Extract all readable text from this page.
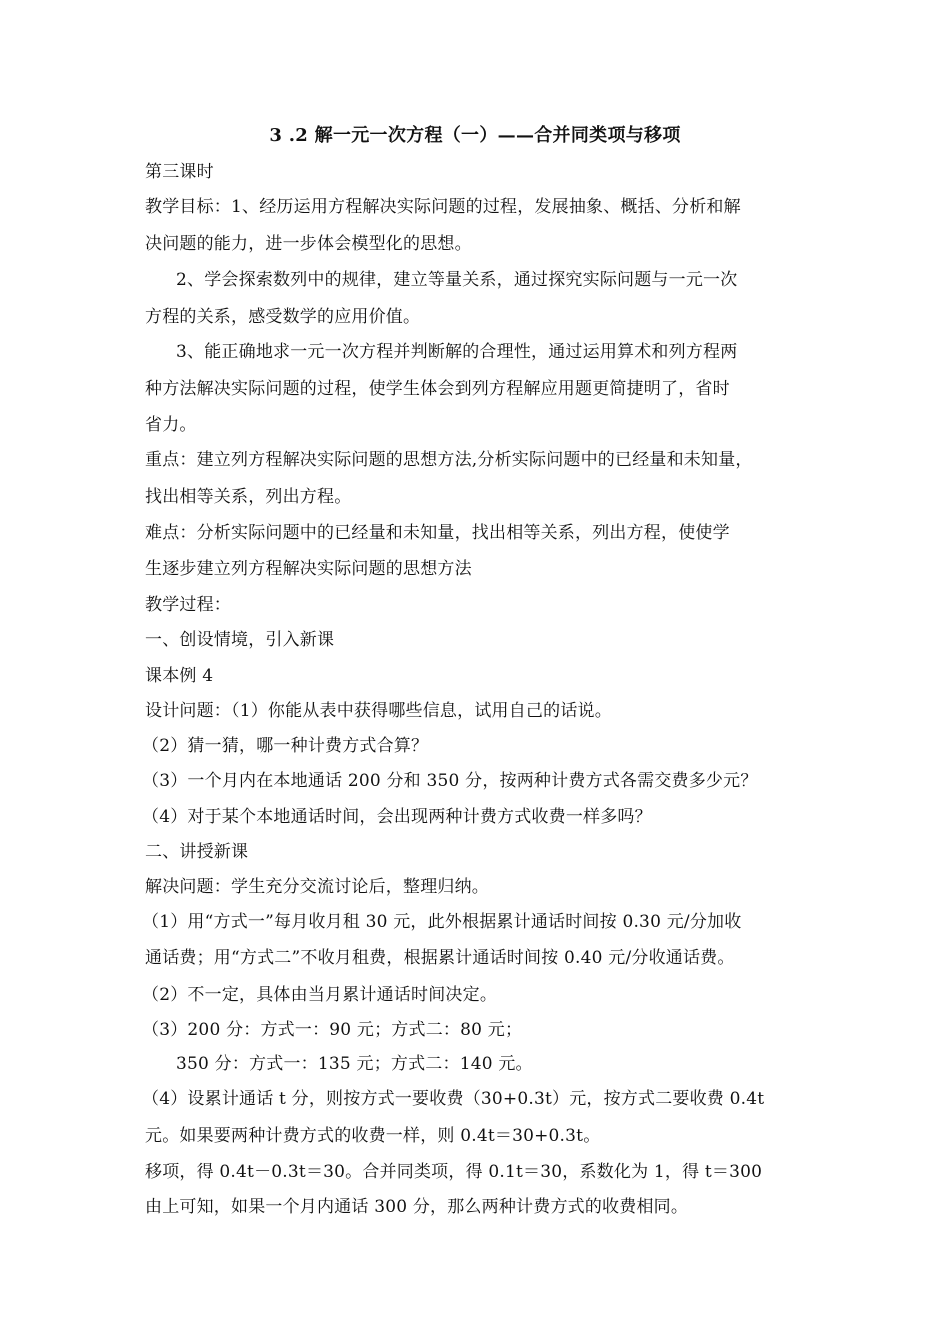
3 .2 解一元一次方程（一）——合并同类项与移项
第三课时
教学目标：1、经历运用方程解决实际问题的过程，发展抽象、概括、分析和解
决问题的能力，进一步体会模型化的思想。
2、学会探索数列中的规律，建立等量关系，通过探究实际问题与一元一次
方程的关系，感受数学的应用价值。
3、能正确地求一元一次方程并判断解的合理性，通过运用算术和列方程两
种方法解决实际问题的过程，使学生体会到列方程解应用题更简捷明了，省时
省力。
重点：建立列方程解决实际问题的思想方法,分析实际问题中的已经量和未知量，
找出相等关系，列出方程。
难点：分析实际问题中的已经量和未知量，找出相等关系，列出方程，使使学
生逐步建立列方程解决实际问题的思想方法
教学过程：
一、创设情境，引入新课
课本例 4
设计问题：（1）你能从表中获得哪些信息，试用自己的话说。
（2）猜一猜，哪一种计费方式合算？
（3）一个月内在本地通话 200 分和 350 分，按两种计费方式各需交费多少元？
（4）对于某个本地通话时间，会出现两种计费方式收费一样多吗？
二、讲授新课
解决问题：学生充分交流讨论后，整理归纳。
（1）用“方式一”每月收月租 30 元，此外根据累计通话时间按 0.30 元/分加收
通话费；用“方式二”不收月租费，根据累计通话时间按 0.40 元/分收通话费。
（2）不一定，具体由当月累计通话时间决定。
（3）200 分：方式一：90 元；方式二：80 元；
350 分：方式一：135 元；方式二：140 元。
（4）设累计通话 t 分，则按方式一要收费（30+0.3t）元，按方式二要收费 0.4t
元。如果要两种计费方式的收费一样，则 0.4t＝30+0.3t。
移项，得 0.4t－0.3t＝30。合并同类项，得 0.1t＝30，系数化为 1，得 t＝300
由上可知，如果一个月内通话 300 分，那么两种计费方式的收费相同。
